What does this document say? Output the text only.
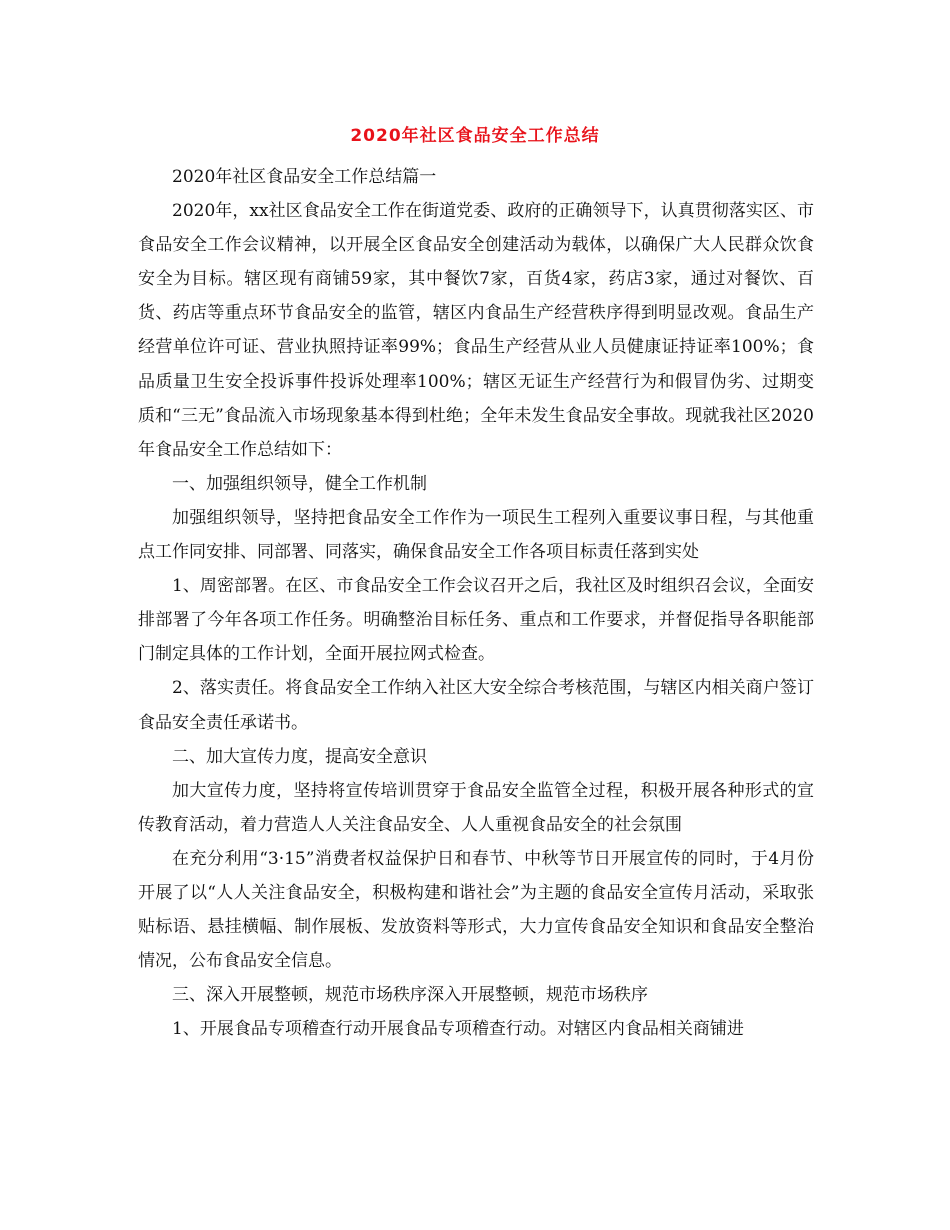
2020年社区食品安全工作总结

2020年社区食品安全工作总结篇一

2020年，xx社区食品安全工作在街道党委、政府的正确领导下，认真贯彻落实区、市食品安全工作会议精神，以开展全区食品安全创建活动为载体，以确保广大人民群众饮食安全为目标。辖区现有商铺59家，其中餐饮7家，百货4家，药店3家，通过对餐饮、百货、药店等重点环节食品安全的监管，辖区内食品生产经营秩序得到明显改观。食品生产经营单位许可证、营业执照持证率99%；食品生产经营从业人员健康证持证率100%；食品质量卫生安全投诉事件投诉处理率100%；辖区无证生产经营行为和假冒伪劣、过期变质和“三无”食品流入市场现象基本得到杜绝；全年未发生食品安全事故。现就我社区2020年食品安全工作总结如下：

一、加强组织领导，健全工作机制

加强组织领导，坚持把食品安全工作作为一项民生工程列入重要议事日程，与其他重点工作同安排、同部署、同落实，确保食品安全工作各项目标责任落到实处

1、周密部署。在区、市食品安全工作会议召开之后，我社区及时组织召会议，全面安排部署了今年各项工作任务。明确整治目标任务、重点和工作要求，并督促指导各职能部门制定具体的工作计划，全面开展拉网式检查。

2、落实责任。将食品安全工作纳入社区大安全综合考核范围，与辖区内相关商户签订食品安全责任承诺书。

二、加大宣传力度，提高安全意识

加大宣传力度，坚持将宣传培训贯穿于食品安全监管全过程，积极开展各种形式的宣传教育活动，着力营造人人关注食品安全、人人重视食品安全的社会氛围

在充分利用“3·15”消费者权益保护日和春节、中秋等节日开展宣传的同时，于4月份开展了以“人人关注食品安全，积极构建和谐社会”为主题的食品安全宣传月活动，采取张贴标语、悬挂横幅、制作展板、发放资料等形式，大力宣传食品安全知识和食品安全整治情况，公布食品安全信息。

三、深入开展整顿，规范市场秩序深入开展整顿，规范市场秩序

1、开展食品专项稽查行动开展食品专项稽查行动。对辖区内食品相关商铺进
